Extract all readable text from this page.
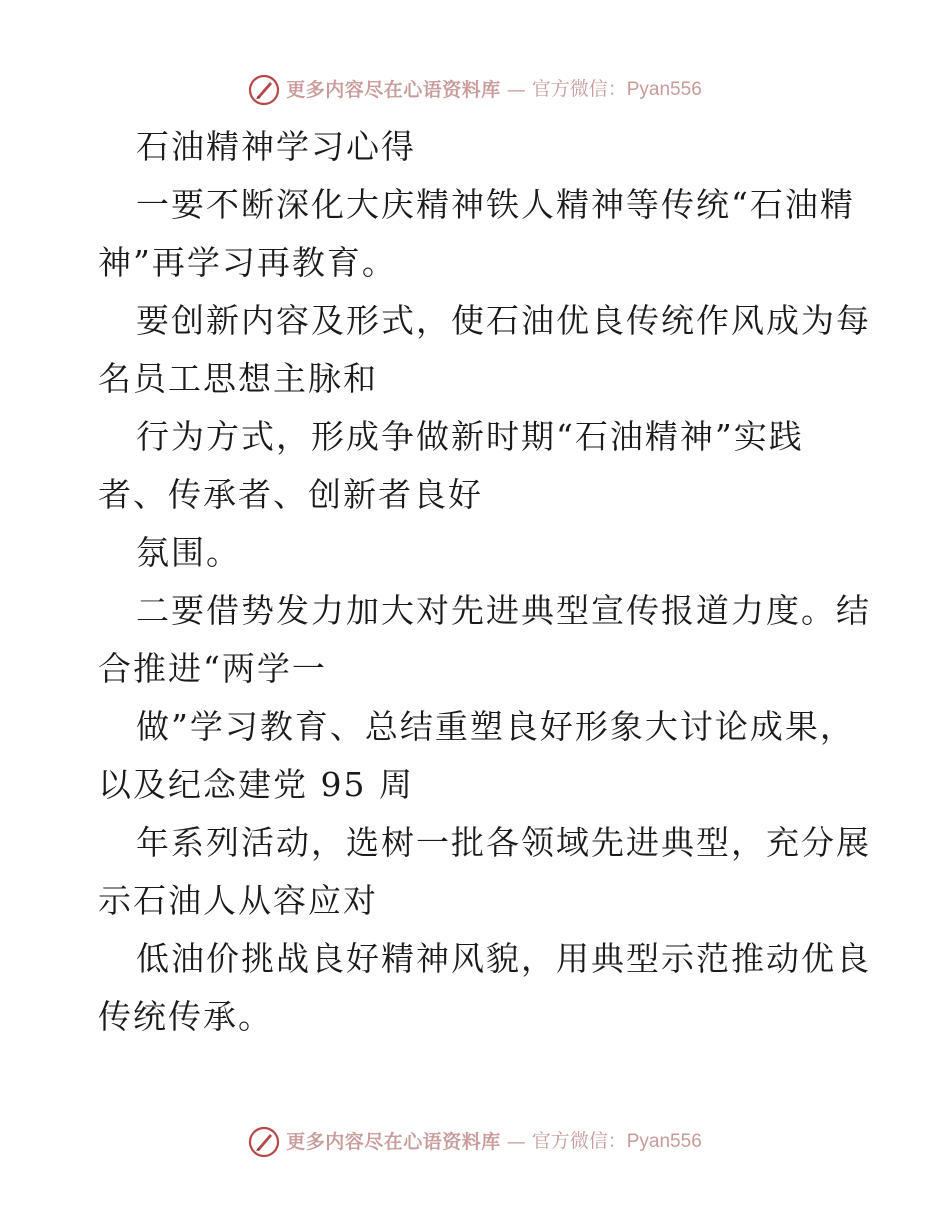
更多内容尽在心语资料库 — 官方微信：Pyan556
石油精神学习心得
一要不断深化大庆精神铁人精神等传统“石油精
神”再学习再教育。
要创新内容及形式，使石油优良传统作风成为每
名员工思想主脉和
行为方式，形成争做新时期“石油精神”实践
者、传承者、创新者良好
氛围。
二要借势发力加大对先进典型宣传报道力度。结
合推进“两学一
做”学习教育、总结重塑良好形象大讨论成果，
以及纪念建党 95 周
年系列活动，选树一批各领域先进典型，充分展
示石油人从容应对
低油价挑战良好精神风貌，用典型示范推动优良
传统传承。
更多内容尽在心语资料库 — 官方微信：Pyan556
